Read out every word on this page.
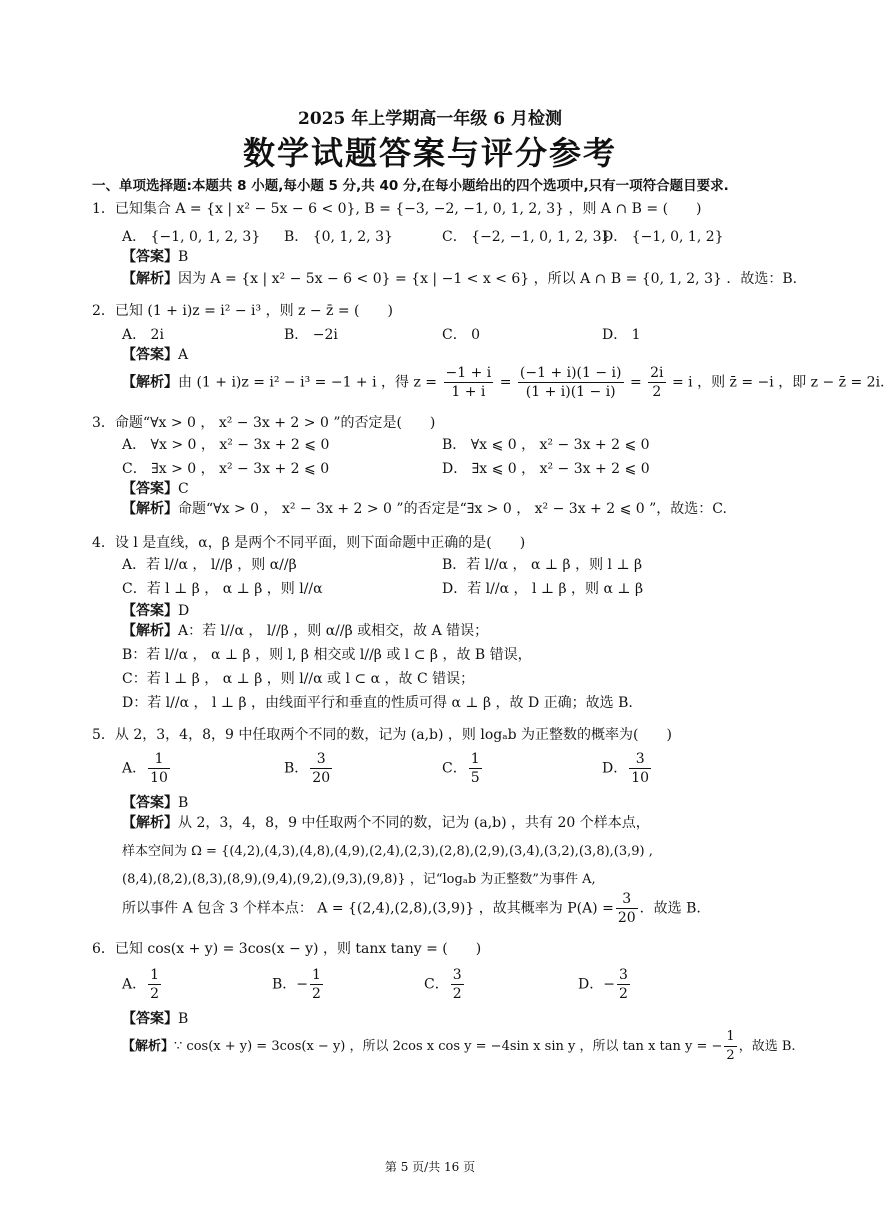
2025 年上学期高一年级 6 月检测
数学试题答案与评分参考
一、单项选择题:本题共 8 小题,每小题 5 分,共 40 分,在每小题给出的四个选项中,只有一项符合题目要求.
1．已知集合 A = {x | x² − 5x − 6 < 0}, B = {−3, −2, −1, 0, 1, 2, 3} ，则 A ∩ B = (　　)
A． {−1, 0, 1, 2, 3} B． {0, 1, 2, 3}	C． {−2, −1, 0, 1, 2, 3}
D． {−1, 0, 1, 2}
【答案】B
【解析】因为 A = {x | x² − 5x − 6 < 0} = {x | −1 < x < 6} ，所以 A ∩ B = {0, 1, 2, 3} ．故选：B.
2．已知 (1 + i)z = i² − i³ ，则 z − z̄ = (　　)
A． 2i	B． −2i	C． 0	D． 1
【答案】A
【解析】由 (1 + i)z = i² − i³ = −1 + i ，得 $z = \frac{-1 + i}{1 + i} = \frac{(-1 + i)(1 - i)}{(1 + i)(1 - i)} = \frac{2i}{2} = i$ ，则 z̄ = −i ，即 z − z̄ = 2i.
3．命题“∀x > 0 ， x² − 3x + 2 > 0 ”的否定是(　　)
A． ∀x > 0 ， x² − 3x + 2 ⩽ 0	B． ∀x ⩽ 0 ， x² − 3x + 2 ⩽ 0
C． ∃x > 0 ， x² − 3x + 2 ⩽ 0	D． ∃x ⩽ 0 ， x² − 3x + 2 ⩽ 0
【答案】C
【解析】命题“∀x > 0 ， x² − 3x + 2 > 0 ”的否定是“∃x > 0 ， x² − 3x + 2 ⩽ 0 ”，故选：C.
4．设 l 是直线，α，β 是两个不同平面，则下面命题中正确的是(　　)
A．若 l//α ， l//β ，则 α//β	B．若 l//α ， α ⊥ β ，则 l ⊥ β
C．若 l ⊥ β ， α ⊥ β ，则 l//α	D．若 l//α ， l ⊥ β ，则 α ⊥ β
【答案】D
【解析】A：若 l//α ， l//β ，则 α//β 或相交，故 A 错误；
B：若 l//α ， α ⊥ β ，则 l, β 相交或 l//β 或 l ⊂ β ，故 B 错误，
C：若 l ⊥ β ， α ⊥ β ，则 l//α 或 l ⊂ α ，故 C 错误；
D：若 l//α ， l ⊥ β ，由线面平行和垂直的性质可得 α ⊥ β ，故 D 正确；故选 B.
5．从 2，3，4，8，9 中任取两个不同的数，记为 (a,b) ，则 logₐb 为正整数的概率为(　　)
A． $\frac{1}{10}$	B． $\frac{3}{20}$	C． $\frac{1}{5}$	D． $\frac{3}{10}$
【答案】B
【解析】从 2，3，4，8，9 中任取两个不同的数，记为 (a,b) ，共有 20 个样本点，
样本空间为 Ω = {(4,2),(4,3),(4,8),(4,9),(2,4),(2,3),(2,8),(2,9),(3,4),(3,2),(3,8),(3,9) ,
(8,4),(8,2),(8,3),(8,9),(9,4),(9,2),(9,3),(9,8)} ，记“logₐb 为正整数”为事件 A,
所以事件 A 包含 3 个样本点： A = {(2,4),(2,8),(3,9)} ，故其概率为 $P(A) = \frac{3}{20}$ ．故选 B.
6．已知 cos(x + y) = 3cos(x − y) ，则 tanx tany = (　　)
A． $\frac{1}{2}$	B．− $\frac{1}{2}$	C． $\frac{3}{2}$	D．− $\frac{3}{2}$
【答案】B
【解析】∵ cos(x + y) = 3cos(x − y) ，所以 2cos x cos y = −4sin x sin y ，所以 tan x tan y = − $\frac{1}{2}$ ，故选 B.
第 5 页/共 16 页
